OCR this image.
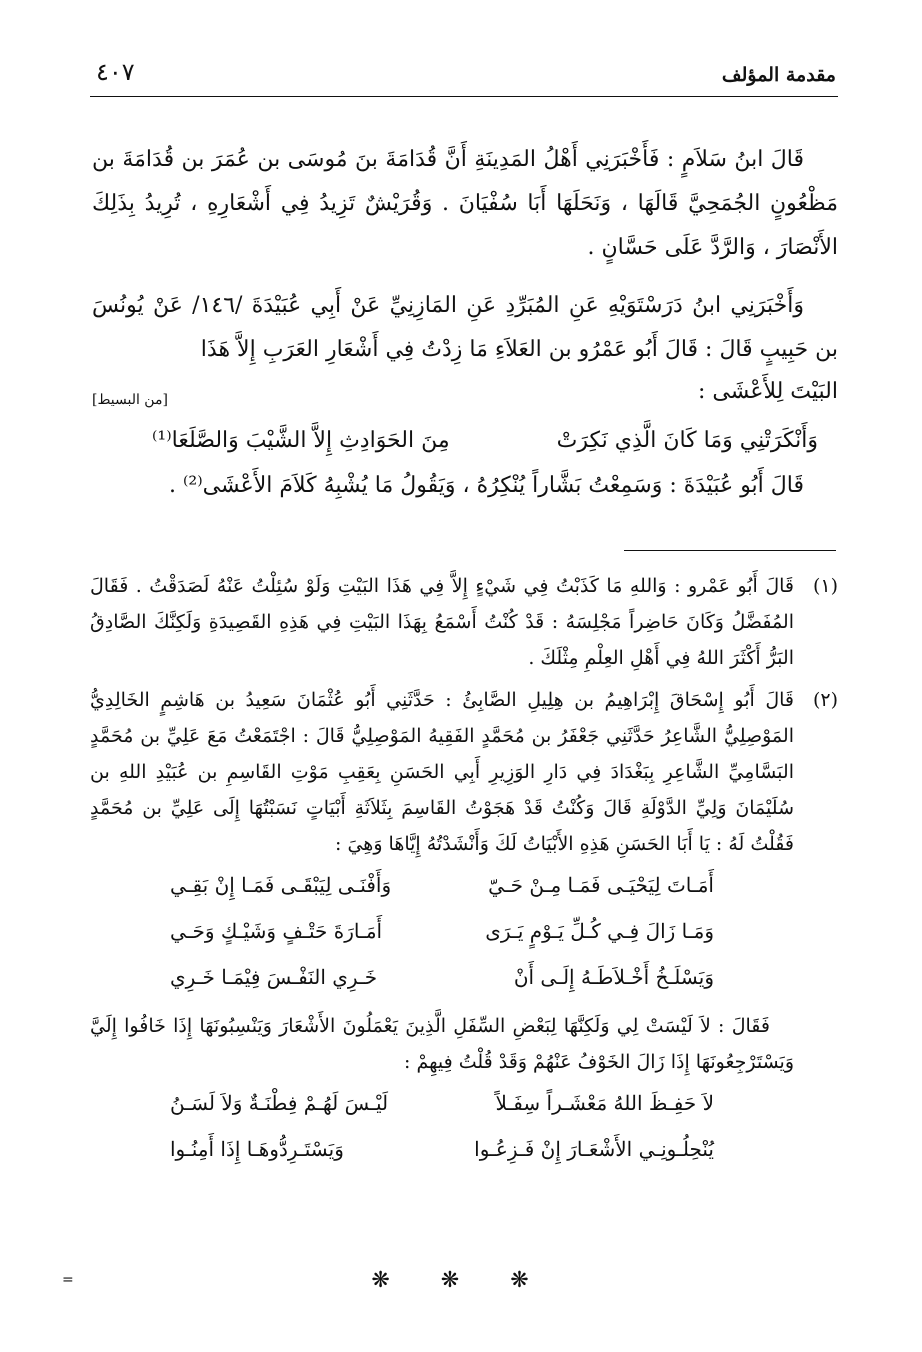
مقدمة المؤلف
٤٠٧

قَالَ ابنُ سَلاَمٍ : فَأَخْبَرَنِي أَهْلُ المَدِينَةِ أَنَّ قُدَامَةَ بنَ مُوسَى بن عُمَرَ بن قُدَامَةَ بن مَظْعُونٍ الجُمَحِيَّ قَالَهَا ، وَنَحَلَهَا أَبَا سُفْيَانَ . وَقُرَيْشٌ تَزِيدُ فِي أَشْعَارِهِ ، تُرِيدُ بِذَلِكَ الأَنْصَارَ ، وَالرَّدَّ عَلَى حَسَّانٍ .

وَأَخْبَرَنِي ابنُ دَرَسْتَوَيْهِ عَنِ المُبَرِّدِ عَنِ المَازِنِيِّ عَنْ أَبِي عُبَيْدَةَ /١٤٦/ عَنْ يُونُسَ بن حَبِيبٍ قَالَ : قَالَ أَبُو عَمْرُو بن العَلاَءِ مَا زِدْتُ فِي أَشْعَارِ العَرَبِ إِلاَّ هَذَا

البَيْتَ لِلأَعْشَى :
[من البسيط]
وَأَنْكَرَتْنِي وَمَا كَانَ الَّذِي نَكِرَتْ
مِنَ الحَوَادِثِ إِلاَّ الشَّيْبَ وَالصَّلَعَا⁽¹⁾

قَالَ أَبُو عُبَيْدَةَ : وَسَمِعْتُ بَشَّاراً يُنْكِرُهُ ، وَيَقُولُ مَا يُشْبِهُ كَلاَمَ الأَعْشَى⁽²⁾ .

(١)

قَالَ أَبُو عَمْرو : وَاللهِ مَا كَذَبْتُ فِي شَيْءٍ إِلاَّ فِي هَذَا البَيْتِ وَلَوْ سُئِلْتُ عَنْهُ لَصَدَقْتُ . فَقَالَ المُفَضَّلُ وَكَانَ حَاضِراً مَجْلِسَهُ : قَدْ كُنْتُ أَسْمَعُ بِهَذَا البَيْتِ فِي هَذِهِ القَصِيدَةِ وَلَكِنَّكَ الصَّادِقُ البَرُّ أَكْثَرَ اللهُ فِي أَهْلِ العِلْمِ مِثْلَكَ .

(٢)

قَالَ أَبُو إِسْحَاقَ إِبْرَاهِيمُ بن هِلِيلِ الصَّابِئُ : حَدَّثَنِي أَبُو عُثْمَانَ سَعِيدُ بن هَاشِمٍ الخَالِدِيُّ المَوْصِلِيُّ الشَّاعِرُ حَدَّثَنِي جَعْفَرُ بن مُحَمَّدٍ الفَقِيهُ المَوْصِلِيُّ قَالَ : اجْتَمَعْتُ مَعَ عَلِيِّ بن مُحَمَّدٍ البَسَّامِيِّ الشَّاعِرِ بِبَغْدَادَ فِي دَارِ الوَزِيرِ أَبِي الحَسَنِ بِعَقِبِ مَوْتِ القَاسِمِ بن عُبَيْدِ اللهِ بن سُلَيْمَانَ وَلِيِّ الدَّوْلَةِ قَالَ وَكُنْتُ قَدْ هَجَوْتُ القَاسِمَ بِثَلاَثَةِ أَبْيَاتٍ نَسَبْتُهَا إِلَى عَلِيِّ بن مُحَمَّدٍ فَقُلْتُ لَهُ : يَا أَبَا الحَسَنِ هَذِهِ الأَبْيَاتُ لَكَ وَأَنْشَدْتُهُ إِيَّاهَا وَهِيَ :

أَمَـاتَ لِيَحْيَـى فَمَـا مِـنْ حَـيّ
وَأَفْنَـى لِيَبْقَـى فَمَـا إِنْ بَقِـي
وَمَـا زَالَ فِـي كُـلِّ يَـوْمٍ يَـرَى
أَمَـارَةَ حَتْـفٍ وَشَيْـكٍ وَحَـي
وَيَسْلَـخُ أَخْـلاَطَـهُ إِلَـى أَنْ
خَـرِي النَفْـسَ فِيْمَـا خَـرِي

فَقَالَ : لاَ لَيْسَتْ لِي وَلَكِنَّهَا لِبَعْضِ السِّفَلِ الَّذِينَ يَعْمَلُونَ الأَشْعَارَ وَيَنْسِبُونَهَا إِذَا خَافُوا إِلَيَّ وَيَسْتَرْجِعُونَهَا إِذَا زَالَ الخَوْفُ عَنْهُمْ وَقَدْ قُلْتُ فِيهِمْ :

لاَ حَفِـظَ اللهُ مَعْشَـراً سِفَـلاً
لَيْـسَ لَهُـمْ فِطْنَـةٌ وَلاَ لَسَـنُ
يُنْحِلُـونِـي الأَشْعَـارَ إِنْ فَـزِعُـوا
وَيَسْتَـرِدُّوهَـا إِذَا أَمِنُـوا
❋ ❋ ❋
=
